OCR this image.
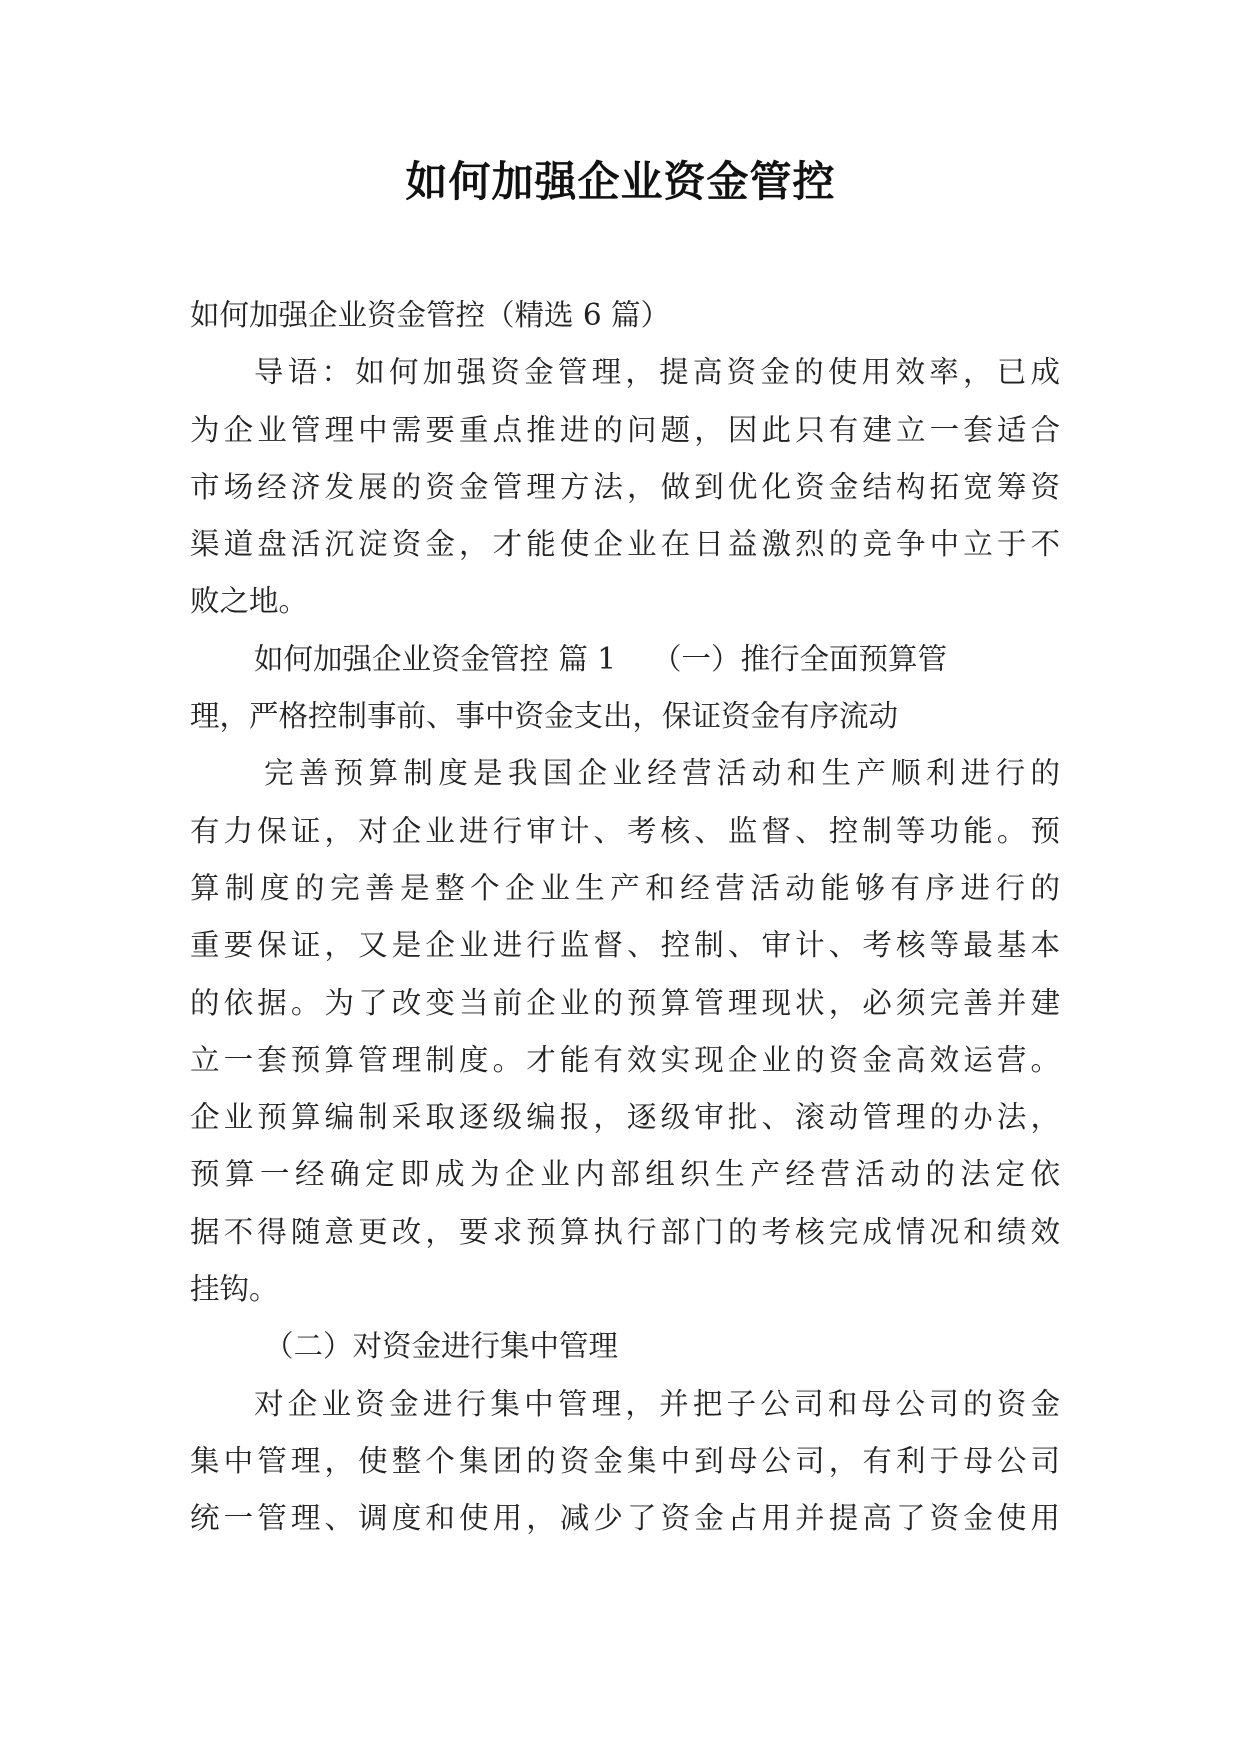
如何加强企业资金管控
如何加强企业资金管控（精选 6 篇）
导语：如何加强资金管理，提高资金的使用效率，已成
为企业管理中需要重点推进的问题，因此只有建立一套适合
市场经济发展的资金管理方法，做到优化资金结构拓宽筹资
渠道盘活沉淀资金，才能使企业在日益激烈的竞争中立于不
败之地。
如何加强企业资金管控 篇 1 （一）推行全面预算管
理，严格控制事前、事中资金支出，保证资金有序流动
完善预算制度是我国企业经营活动和生产顺利进行的
有力保证，对企业进行审计、考核、监督、控制等功能。预
算制度的完善是整个企业生产和经营活动能够有序进行的
重要保证，又是企业进行监督、控制、审计、考核等最基本
的依据。为了改变当前企业的预算管理现状，必须完善并建
立一套预算管理制度。才能有效实现企业的资金高效运营。
企业预算编制采取逐级编报，逐级审批、滚动管理的办法，
预算一经确定即成为企业内部组织生产经营活动的法定依
据不得随意更改，要求预算执行部门的考核完成情况和绩效
挂钩。
（二）对资金进行集中管理
对企业资金进行集中管理，并把子公司和母公司的资金
集中管理，使整个集团的资金集中到母公司，有利于母公司
统一管理、调度和使用，减少了资金占用并提高了资金使用
